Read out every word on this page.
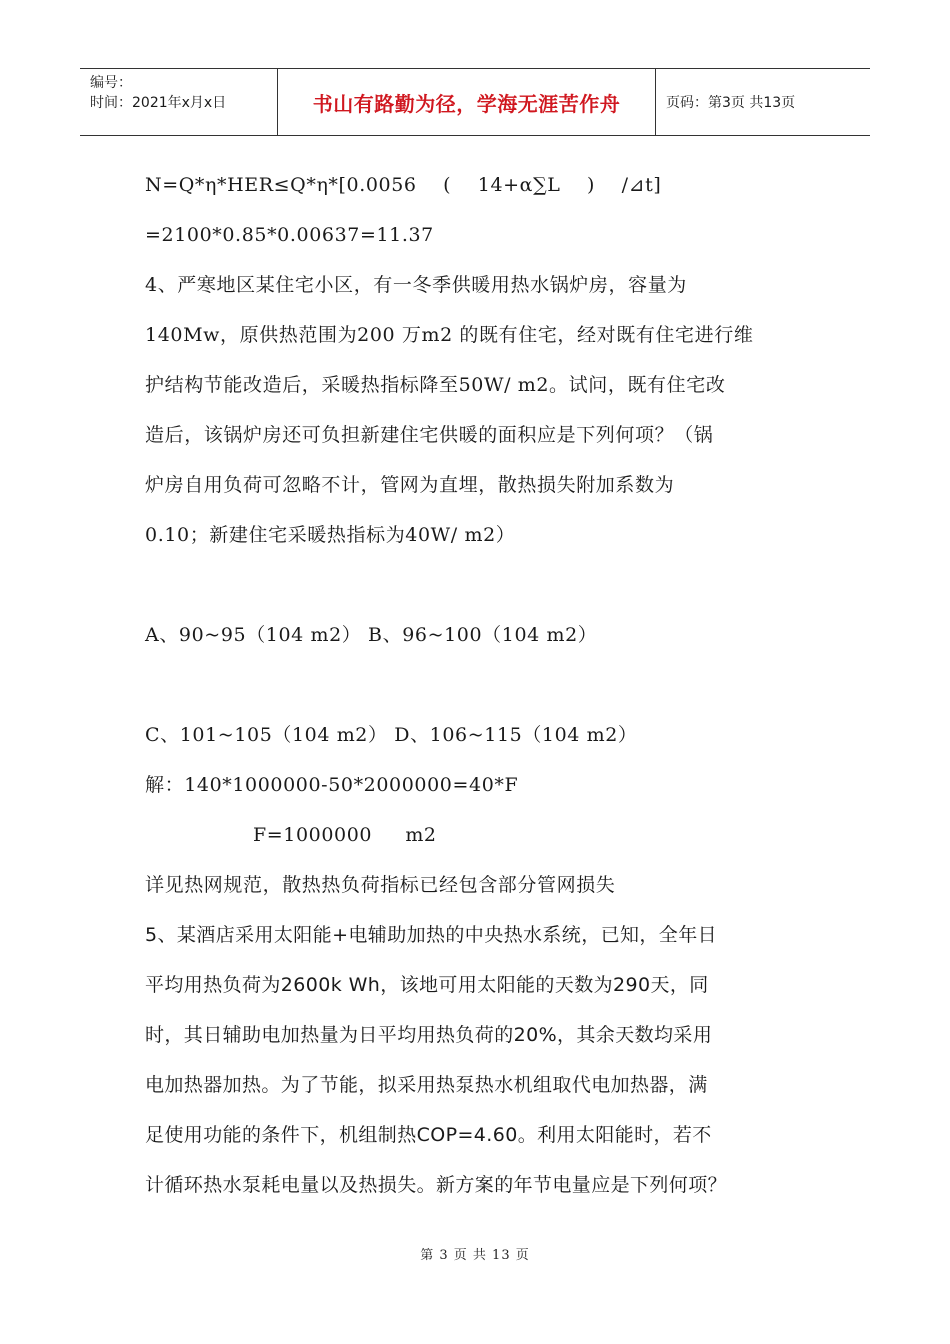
编号：
时间：2021年x月x日	书山有路勤为径，学海无涯苦作舟	页码：第3页 共13页
N=Q*η*HER≤Q*η*[0.0056    (    14+α∑L    )    /⊿t]
=2100*0.85*0.00637=11.37
4、严寒地区某住宅小区，有一冬季供暖用热水锅炉房，容量为
140Mw，原供热范围为200 万m2 的既有住宅，经对既有住宅进行维
护结构节能改造后，采暖热指标降至50W/ m2。试问，既有住宅改
造后，该锅炉房还可负担新建住宅供暖的面积应是下列何项？（锅
炉房自用负荷可忽略不计，管网为直埋，散热损失附加系数为
0.10；新建住宅采暖热指标为40W/ m2）
A、90~95（104 m2） B、96~100（104 m2）
C、101~105（104 m2） D、106~115（104 m2）
解：140*1000000-50*2000000=40*F
F=1000000     m2
详见热网规范，散热热负荷指标已经包含部分管网损失
5、某酒店采用太阳能+电辅助加热的中央热水系统，已知，全年日
平均用热负荷为2600k Wh，该地可用太阳能的天数为290天，同
时，其日辅助电加热量为日平均用热负荷的20%，其余天数均采用
电加热器加热。为了节能，拟采用热泵热水机组取代电加热器，满
足使用功能的条件下，机组制热COP=4.60。利用太阳能时，若不
计循环热水泵耗电量以及热损失。新方案的年节电量应是下列何项？
第 3 页 共 13 页
